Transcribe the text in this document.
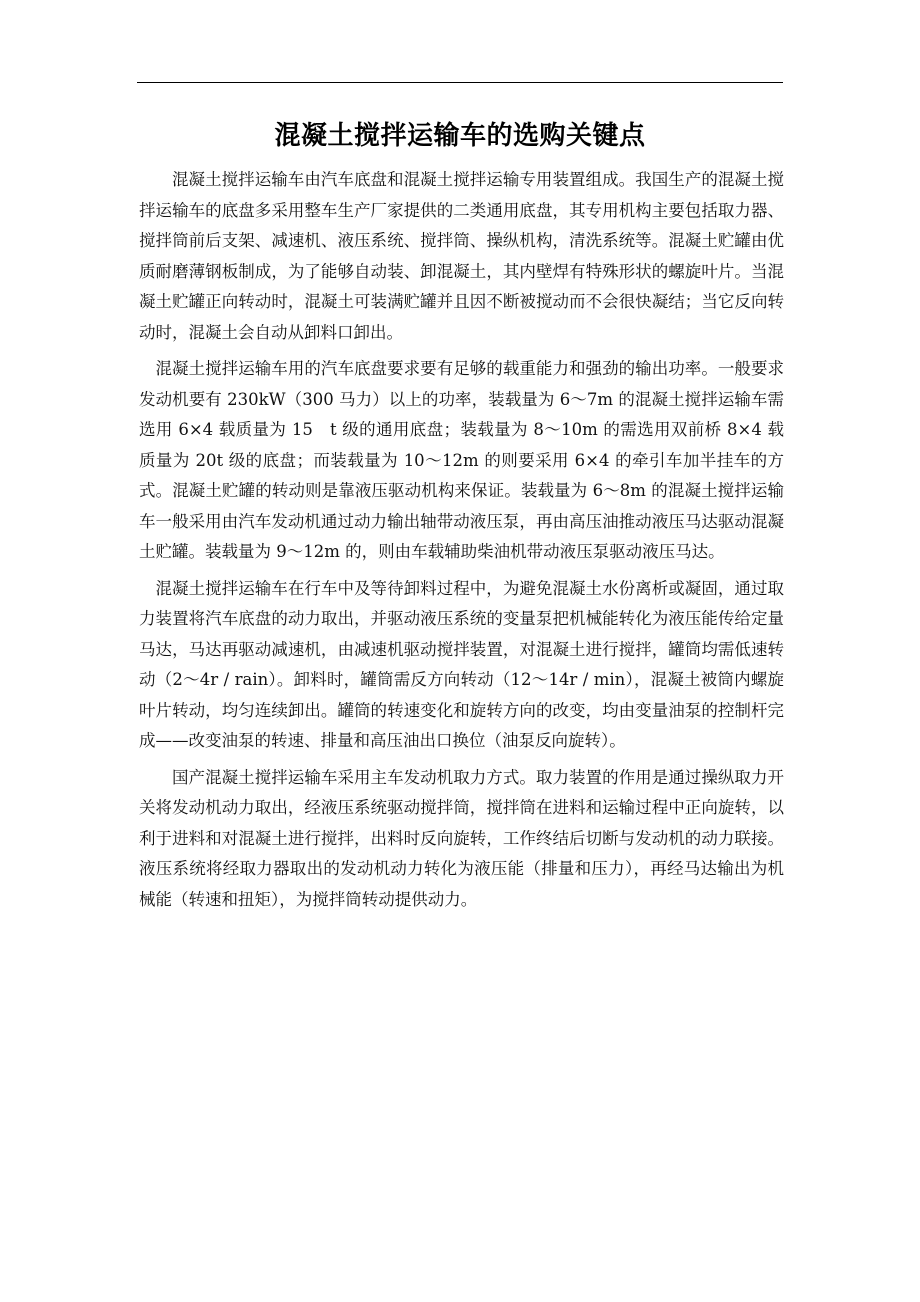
混凝土搅拌运输车的选购关键点

混凝土搅拌运输车由汽车底盘和混凝土搅拌运输专用装置组成。我国生产的混凝土搅拌运输车的底盘多采用整车生产厂家提供的二类通用底盘，其专用机构主要包括取力器、搅拌筒前后支架、减速机、液压系统、搅拌筒、操纵机构，清洗系统等。混凝土贮罐由优质耐磨薄钢板制成，为了能够自动装、卸混凝土，其内壁焊有特殊形状的螺旋叶片。当混凝土贮罐正向转动时，混凝土可装满贮罐并且因不断被搅动而不会很快凝结；当它反向转动时，混凝土会自动从卸料口卸出。

混凝土搅拌运输车用的汽车底盘要求要有足够的载重能力和强劲的输出功率。一般要求发动机要有 230kW（300 马力）以上的功率，装载量为 6～7m 的混凝土搅拌运输车需选用 6×4 载质量为 15　t 级的通用底盘；装载量为 8～10m 的需选用双前桥 8×4 载质量为 20t 级的底盘；而装载量为 10～12m 的则要采用 6×4 的牵引车加半挂车的方式。混凝土贮罐的转动则是靠液压驱动机构来保证。装载量为 6～8m 的混凝土搅拌运输车一般采用由汽车发动机通过动力输出轴带动液压泵，再由高压油推动液压马达驱动混凝土贮罐。装载量为 9～12m 的，则由车载辅助柴油机带动液压泵驱动液压马达。

混凝土搅拌运输车在行车中及等待卸料过程中，为避免混凝土水份离析或凝固，通过取力装置将汽车底盘的动力取出，并驱动液压系统的变量泵把机械能转化为液压能传给定量马达，马达再驱动减速机，由减速机驱动搅拌装置，对混凝土进行搅拌，罐筒均需低速转动（2～4r / rain）。卸料时，罐筒需反方向转动（12～14r / min），混凝土被筒内螺旋叶片转动，均匀连续卸出。罐筒的转速变化和旋转方向的改变，均由变量油泵的控制杆完成——改变油泵的转速、排量和高压油出口换位（油泵反向旋转）。

国产混凝土搅拌运输车采用主车发动机取力方式。取力装置的作用是通过操纵取力开关将发动机动力取出，经液压系统驱动搅拌筒，搅拌筒在进料和运输过程中正向旋转，以利于进料和对混凝土进行搅拌，出料时反向旋转，工作终结后切断与发动机的动力联接。液压系统将经取力器取出的发动机动力转化为液压能（排量和压力），再经马达输出为机械能（转速和扭矩），为搅拌筒转动提供动力。
